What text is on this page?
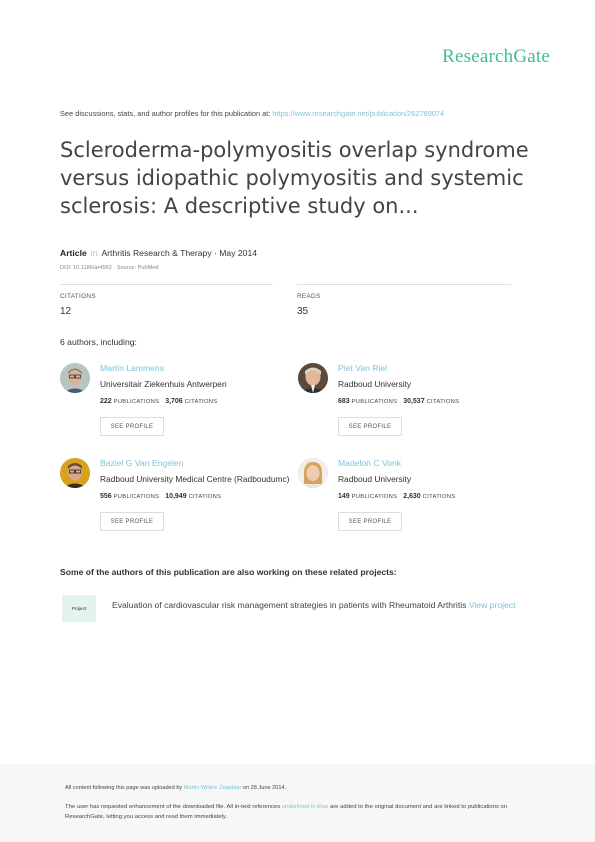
ResearchGate
See discussions, stats, and author profiles for this publication at: https://www.researchgate.net/publication/262789074
Scleroderma-polymyositis overlap syndrome versus idiopathic polymyositis and systemic sclerosis: A descriptive study on...
Article in Arthritis Research & Therapy · May 2014
DOI: 10.1186/ar4562 · Source: PubMed
CITATIONS
12
READS
35
6 authors, including:
Martin Lammens
Universitair Ziekenhuis Antwerpen
222 PUBLICATIONS 3,706 CITATIONS
SEE PROFILE
Piet Van Riel
Radboud University
683 PUBLICATIONS 30,537 CITATIONS
SEE PROFILE
Baziel G Van Engelen
Radboud University Medical Centre (Radboudumc)
556 PUBLICATIONS 10,949 CITATIONS
SEE PROFILE
Madelon C Vonk
Radboud University
149 PUBLICATIONS 2,630 CITATIONS
SEE PROFILE
Some of the authors of this publication are also working on these related projects:
Project	Evaluation of cardiovascular risk management strategies in patients with Rheumatoid Arthritis View project
All content following this page was uploaded by Martin Willem Zegelaar on 28 June 2014.
The user has requested enhancement of the downloaded file. All in-text references underlined in blue are added to the original document and are linked to publications on ResearchGate, letting you access and read them immediately.
